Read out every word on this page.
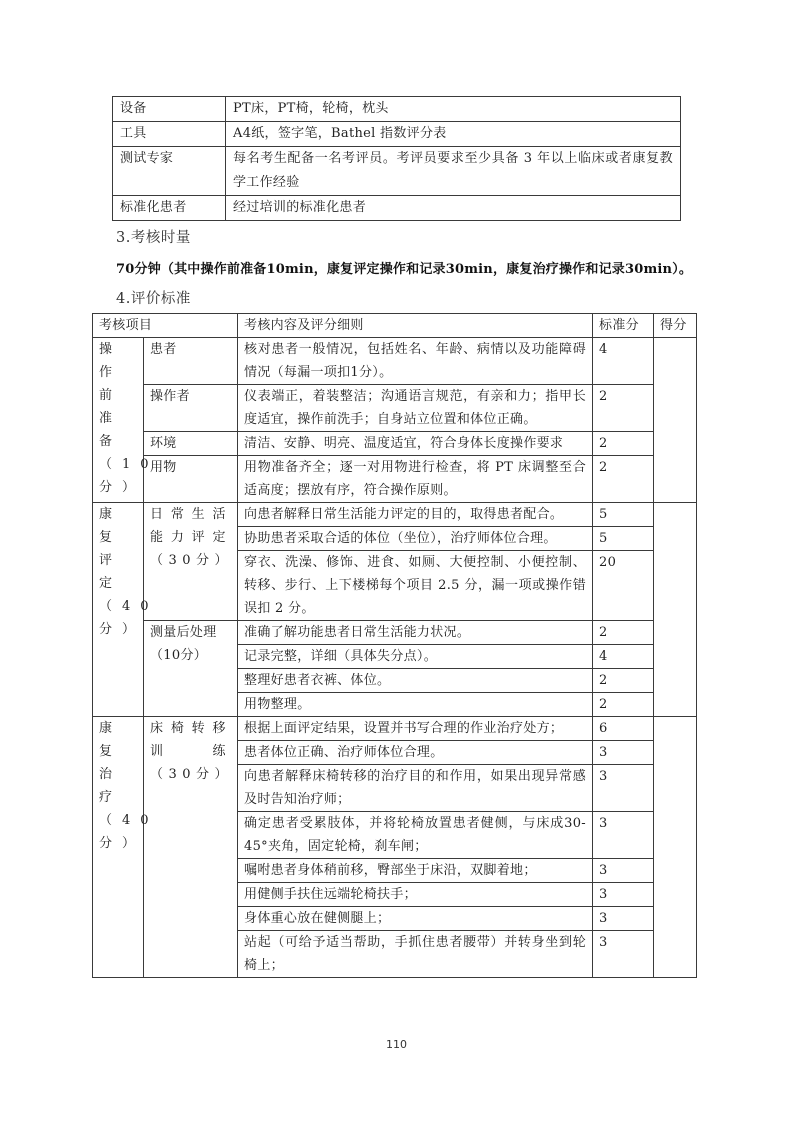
设备	PT床，PT椅，轮椅，枕头
工具	A4纸，签字笔，Bathel 指数评分表
测试专家	每名考生配备一名考评员。考评员要求至少具备 3 年以上临床或者康复教学工作经验
标准化患者	经过培训的标准化患者
3.考核时量
70分钟（其中操作前准备10min，康复评定操作和记录30min，康复治疗操作和记录30min）。
4.评价标准
考核项目		考核内容及评分细则	标准分	得分
操作前准备（10分）	患者	核对患者一般情况，包括姓名、年龄、病情以及功能障碍情况（每漏一项扣1分）。	4	
	操作者	仪表端正，着装整洁；沟通语言规范，有亲和力；指甲长度适宜，操作前洗手；自身站立位置和体位正确。	2	
	环境	清洁、安静、明亮、温度适宜，符合身体长度操作要求	2	
	用物	用物准备齐全；逐一对用物进行检查，将 PT 床调整至合适高度；摆放有序，符合操作原则。	2	
康复评定（40分）	日常生活能力评定（30分）	向患者解释日常生活能力评定的目的，取得患者配合。	5	
		协助患者采取合适的体位（坐位），治疗师体位合理。	5	
		穿衣、洗澡、修饰、进食、如厕、大便控制、小便控制、转移、步行、上下楼梯每个项目 2.5 分，漏一项或操作错误扣 2 分。	20	
	测量后处理（10分）	准确了解功能患者日常生活能力状况。	2	
		记录完整，详细（具体失分点）。	4	
		整理好患者衣裤、体位。	2	
		用物整理。	2	
康复治疗（40分）	床椅转移训练（30分）	根据上面评定结果，设置并书写合理的作业治疗处方；	6	
		患者体位正确、治疗师体位合理。	3	
		向患者解释床椅转移的治疗目的和作用，如果出现异常感及时告知治疗师；	3	
		确定患者受累肢体，并将轮椅放置患者健侧，与床成30-45°夹角，固定轮椅，刹车闸；	3	
		嘱咐患者身体稍前移，臀部坐于床沿，双脚着地；	3	
		用健侧手扶住远端轮椅扶手；	3	
		身体重心放在健侧腿上；	3	
		站起（可给予适当帮助，手抓住患者腰带）并转身坐到轮椅上；	3	
110
